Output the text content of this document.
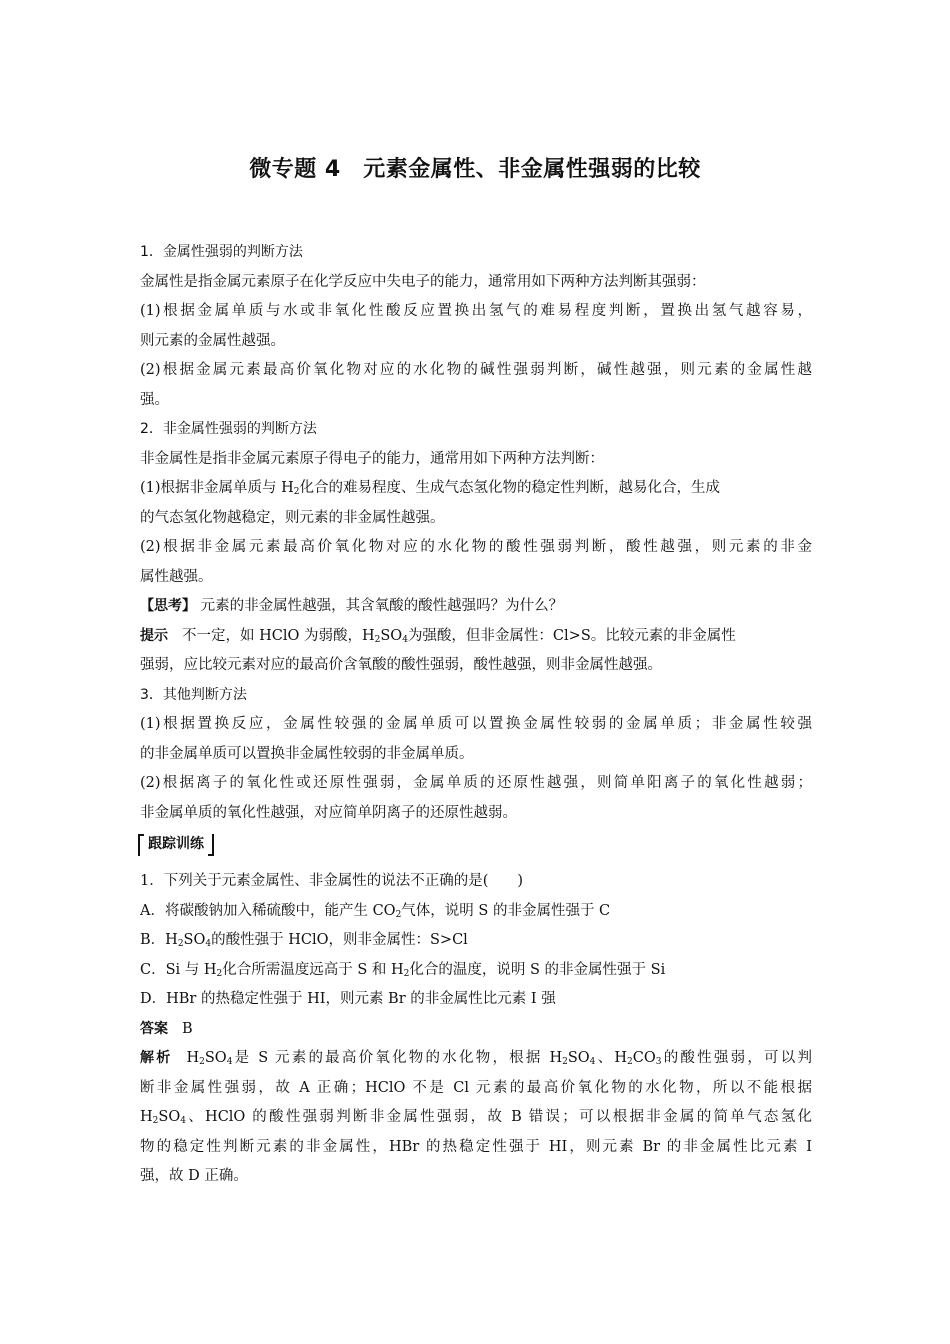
微专题 4　元素金属性、非金属性强弱的比较
1．金属性强弱的判断方法
金属性是指金属元素原子在化学反应中失电子的能力，通常用如下两种方法判断其强弱：
(1)根据金属单质与水或非氧化性酸反应置换出氢气的难易程度判断，置换出氢气越容易，
则元素的金属性越强。
(2)根据金属元素最高价氧化物对应的水化物的碱性强弱判断，碱性越强，则元素的金属性越
强。
2．非金属性强弱的判断方法
非金属性是指非金属元素原子得电子的能力，通常用如下两种方法判断：
(1)根据非金属单质与 $H_2$化合的难易程度、生成气态氢化物的稳定性判断，越易化合，生成
的气态氢化物越稳定，则元素的非金属性越强。
(2)根据非金属元素最高价氧化物对应的水化物的酸性强弱判断，酸性越强，则元素的非金
属性越强。
【思考】 元素的非金属性越强，其含氧酸的酸性越强吗？为什么？
提示 不一定，如 HClO 为弱酸，$H_2SO_4$为强酸，但非金属性：Cl>S。比较元素的非金属性
强弱，应比较元素对应的最高价含氧酸的酸性强弱，酸性越强，则非金属性越强。
3．其他判断方法
(1)根据置换反应，金属性较强的金属单质可以置换金属性较弱的金属单质；非金属性较强
的非金属单质可以置换非金属性较弱的非金属单质。
(2)根据离子的氧化性或还原性强弱，金属单质的还原性越强，则简单阳离子的氧化性越弱；
非金属单质的氧化性越强，对应简单阴离子的还原性越弱。
跟踪训练
1．下列关于元素金属性、非金属性的说法不正确的是(　　)
A．将碳酸钠加入稀硫酸中，能产生 $CO_2$气体，说明 S 的非金属性强于 C
B．$H_2SO_4$的酸性强于 HClO，则非金属性：S>Cl
C．Si 与 $H_2$化合所需温度远高于 S 和 $H_2$化合的温度，说明 S 的非金属性强于 Si
D．HBr 的热稳定性强于 HI，则元素 Br 的非金属性比元素 I 强
答案 B
解析 $H_2SO_4$是 S 元素的最高价氧化物的水化物，根据 $H_2SO_4$、$H_2CO_3$的酸性强弱，可以判
断非金属性强弱，故 A 正确；HClO 不是 Cl 元素的最高价氧化物的水化物，所以不能根据
$H_2SO_4$、HClO 的酸性强弱判断非金属性强弱，故 B 错误；可以根据非金属的简单气态氢化
物的稳定性判断元素的非金属性，HBr 的热稳定性强于 HI，则元素 Br 的非金属性比元素 I
强，故 D 正确。
